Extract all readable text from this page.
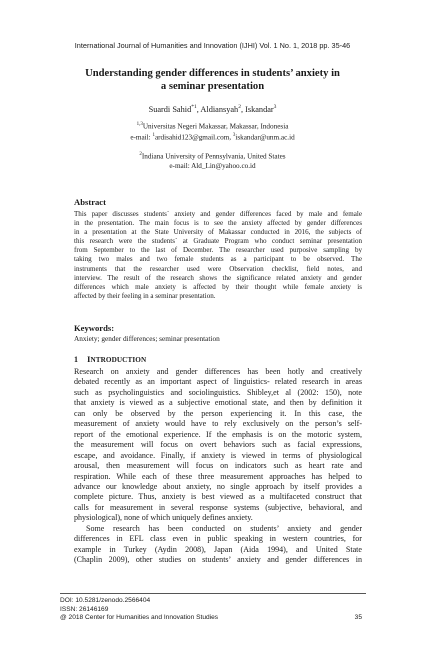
International Journal of Humanities and Innovation (IJHI) Vol. 1 No. 1, 2018 pp. 35-46
Understanding gender differences in students’ anxiety in
a seminar presentation
Suardi Sahid$^{*1}$, Aldiansyah$^2$, Iskandar$^3$
$^{1,3}$Universitas Negeri Makassar, Makassar, Indonesia
e-mail: $^1$ardisahid123@gmail.com, $^3$iskandar@unm.ac.id
$^2$Indiana University of Pennsylvania, United States
e-mail: Ald_Lin@yahoo.co.id
Abstract
This paper discusses students´ anxiety and gender differences faced by male and female
in the presentation. The main focus is to see the anxiety affected by gender differences
in a presentation at the State University of Makassar conducted in 2016, the subjects of
this research were the students´ at Graduate Program who conduct seminar presentation
from September to the last of December. The researcher used purposive sampling by
taking two males and two female students as a participant to be observed. The
instruments that the researcher used were Observation checklist, field notes, and
interview. The result of the research shows the significance related anxiety and gender
differences which male anxiety is affected by their thought while female anxiety is
affected by their feeling in a seminar presentation.
Keywords:
Anxiety; gender differences; seminar presentation
1 INTRODUCTION
Research on anxiety and gender differences has been hotly and creatively
debated recently as an important aspect of linguistics- related research in areas
such as psycholinguistics and sociolinguistics. Shibley,et al (2002: 150), note
that anxiety is viewed as a subjective emotional state, and then by definition it
can only be observed by the person experiencing it. In this case, the
measurement of anxiety would have to rely exclusively on the person’s self-
report of the emotional experience. If the emphasis is on the motoric system,
the measurement will focus on overt behaviors such as facial expressions,
escape, and avoidance. Finally, if anxiety is viewed in terms of physiological
arousal, then measurement will focus on indicators such as heart rate and
respiration. While each of these three measurement approaches has helped to
advance our knowledge about anxiety, no single approach by itself provides a
complete picture. Thus, anxiety is best viewed as a multifaceted construct that
calls for measurement in several response systems (subjective, behavioral, and
physiological), none of which uniquely defines anxiety.
Some research has been conducted on students’ anxiety and gender
differences in EFL class even in public speaking in western countries, for
example in Turkey (Aydin 2008), Japan (Aida 1994), and United State
(Chaplin 2009), other studies on students’ anxiety and gender differences in
DOI: 10.5281/zenodo.2566404
ISSN: 26146169
@ 2018 Center for Humanities and Innovation Studies	35
